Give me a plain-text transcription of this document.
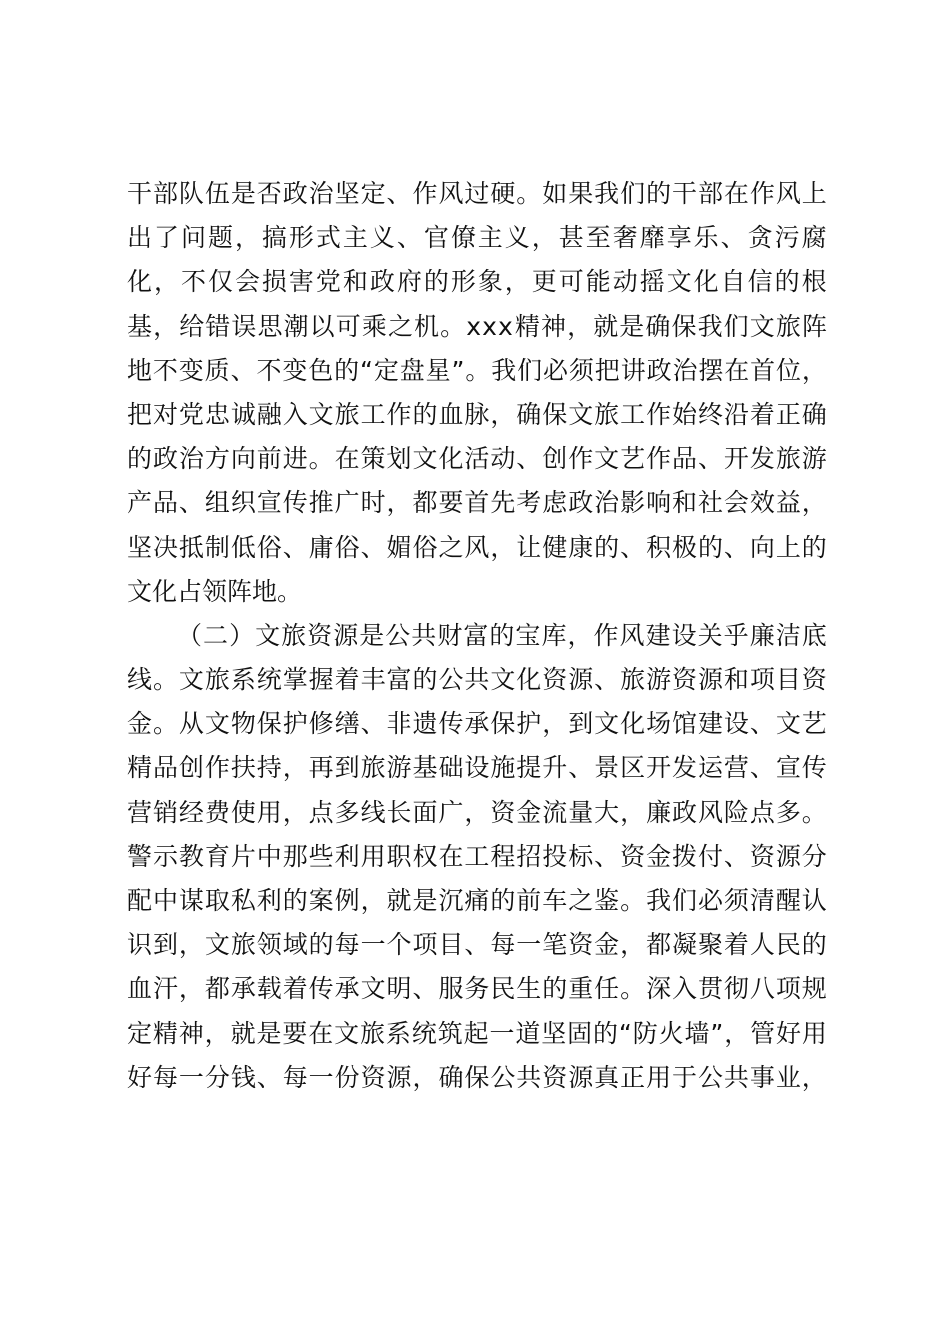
干 部 队 伍 是 否 政 治 坚 定 、 作 风 过 硬 。 如 果 我 们 的 干 部 在 作 风 上
出 了 问 题 ， 搞 形 式 主 义 、 官 僚 主 义 ， 甚 至 奢 靡 享 乐 、 贪 污 腐
化 ， 不 仅 会 损 害 党 和 政 府 的 形 象 ， 更 可 能 动 摇 文 化 自 信 的 根
基 ， 给 错 误 思 潮 以 可 乘 之 机 。 x x x 精 神 ， 就 是 确 保 我 们 文 旅 阵
地 不 变 质 、 不 变 色 的 “ 定 盘 星 ” 。 我 们 必 须 把 讲 政 治 摆 在 首 位 ，
把 对 党 忠 诚 融 入 文 旅 工 作 的 血 脉 ， 确 保 文 旅 工 作 始 终 沿 着 正 确
的 政 治 方 向 前 进 。 在 策 划 文 化 活 动 、 创 作 文 艺 作 品 、 开 发 旅 游
产 品 、 组 织 宣 传 推 广 时 ， 都 要 首 先 考 虑 政 治 影 响 和 社 会 效 益 ，
坚 决 抵 制 低 俗 、 庸 俗 、 媚 俗 之 风 ， 让 健 康 的 、 积 极 的 、 向 上 的
文化占领阵地。
（ 二 ） 文 旅 资 源 是 公 共 财 富 的 宝 库 ， 作 风 建 设 关 乎 廉 洁 底
线 。 文 旅 系 统 掌 握 着 丰 富 的 公 共 文 化 资 源 、 旅 游 资 源 和 项 目 资
金 。 从 文 物 保 护 修 缮 、 非 遗 传 承 保 护 ， 到 文 化 场 馆 建 设 、 文 艺
精 品 创 作 扶 持 ， 再 到 旅 游 基 础 设 施 提 升 、 景 区 开 发 运 营 、 宣 传
营 销 经 费 使 用 ， 点 多 线 长 面 广 ， 资 金 流 量 大 ， 廉 政 风 险 点 多 。
警 示 教 育 片 中 那 些 利 用 职 权 在 工 程 招 投 标 、 资 金 拨 付 、 资 源 分
配 中 谋 取 私 利 的 案 例 ， 就 是 沉 痛 的 前 车 之 鉴 。 我 们 必 须 清 醒 认
识 到 ， 文 旅 领 域 的 每 一 个 项 目 、 每 一 笔 资 金 ， 都 凝 聚 着 人 民 的
血 汗 ， 都 承 载 着 传 承 文 明 、 服 务 民 生 的 重 任 。 深 入 贯 彻 八 项 规
定 精 神 ， 就 是 要 在 文 旅 系 统 筑 起 一 道 坚 固 的 “ 防 火 墙 ” ， 管 好 用
好 每 一 分 钱 、 每 一 份 资 源 ， 确 保 公 共 资 源 真 正 用 于 公 共 事 业 ，
